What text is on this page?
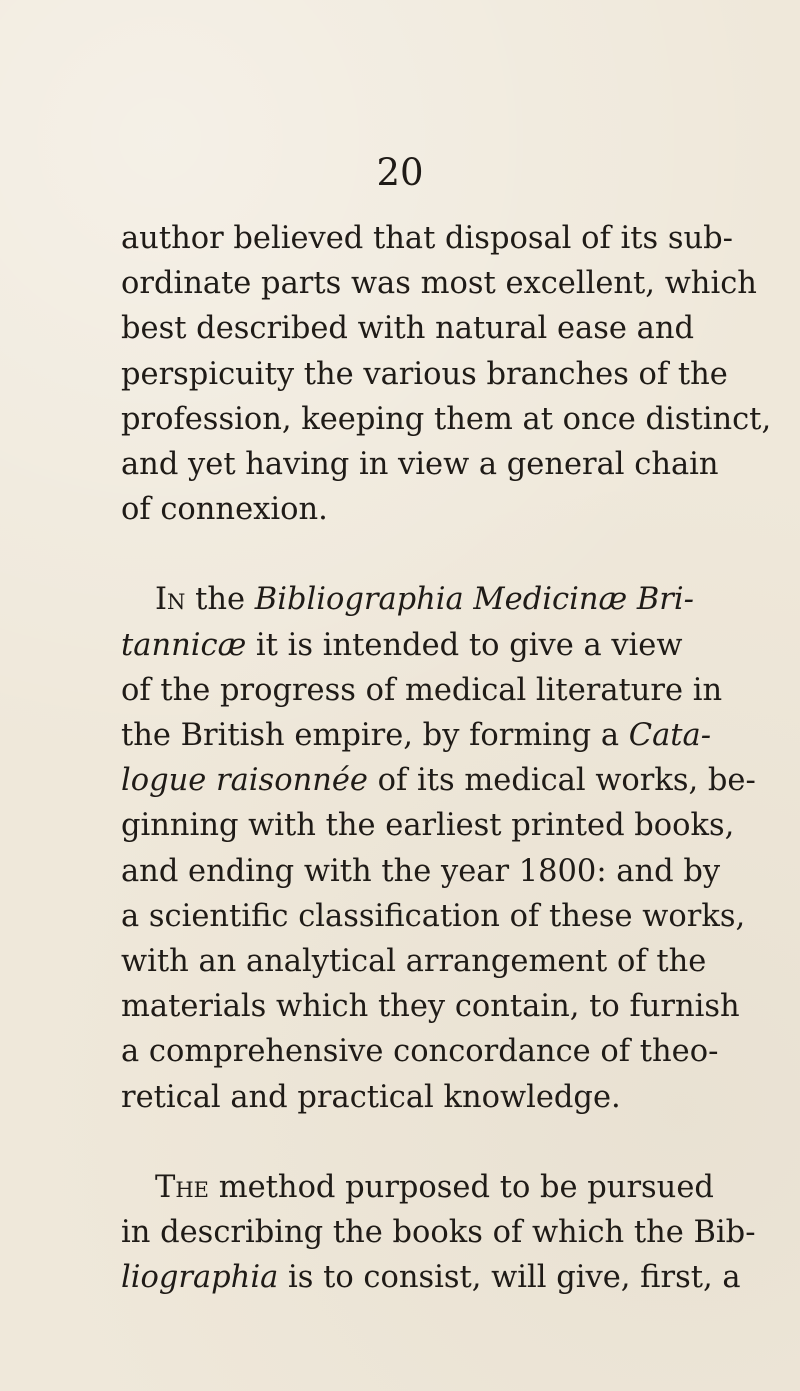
20
author believed that disposal of its sub-
ordinate parts was most excellent, which
best described with natural ease and
perspicuity the various branches of the
profession, keeping them at once distinct,
and yet having in view a general chain
of connexion.
In the Bibliographia Medicinæ Bri-
tannicæ it is intended to give a view
of the progress of medical literature in
the British empire, by forming a Cata-
logue raisonnée of its medical works, be-
ginning with the earliest printed books,
and ending with the year 1800: and by
a scientific classification of these works,
with an analytical arrangement of the
materials which they contain, to furnish
a comprehensive concordance of theo-
retical and practical knowledge.
The method purposed to be pursued
in describing the books of which the Bib-
liographia is to consist, will give, first, a
